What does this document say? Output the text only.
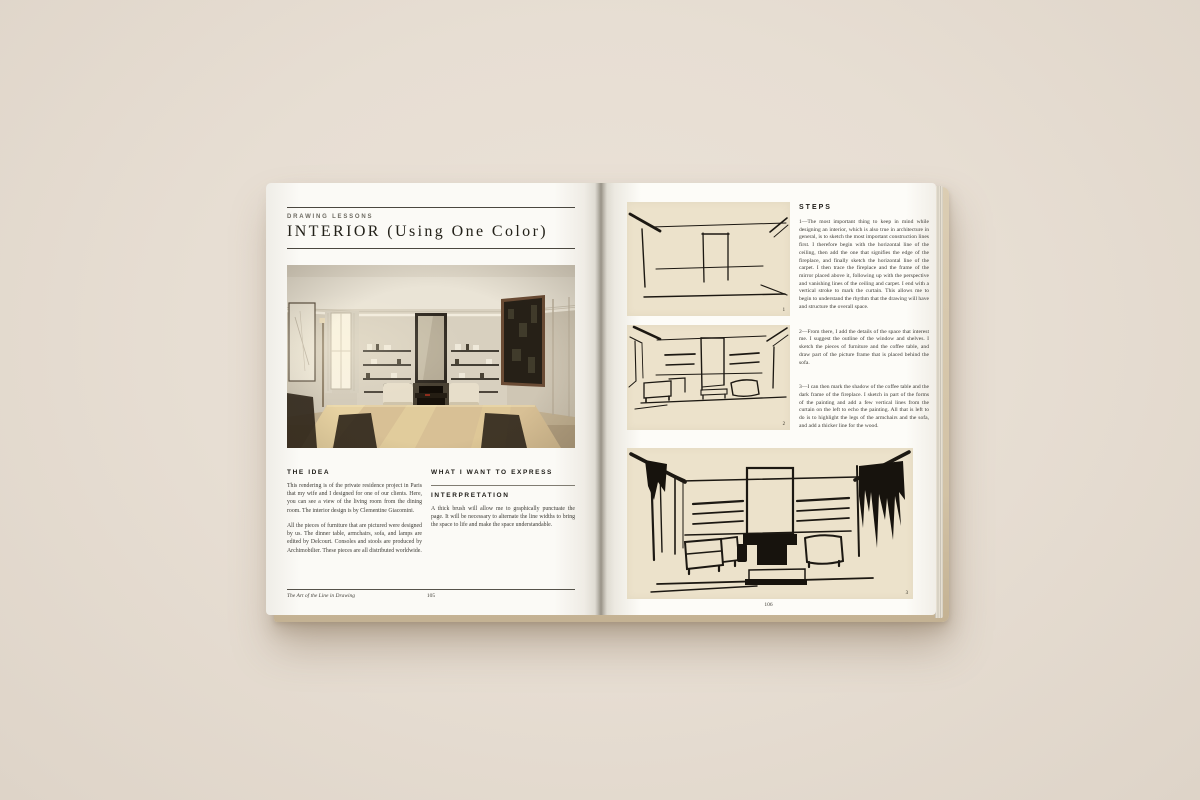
DRAWING LESSONS
INTERIOR (Using One Color)
THE IDEA

This rendering is of the private residence project in Paris that my wife and I designed for one of our clients. Here, you can see a view of the living room from the dining room. The interior design is by Clementine Giacomini.

All the pieces of furniture that are pictured were designed by us. The dinner table, armchairs, sofa, and lamps are edited by Delcourt. Consoles and stools are produced by Archimobilier. These pieces are all distributed worldwide.

WHAT I WANT TO EXPRESS
INTERPRETATION

A thick brush will allow me to graphically punctuate the page. It will be necessary to alternate the line widths to bring the space to life and make the space understandable.

The Art of the Line in Drawing	105
1
2
STEPS

1—The most important thing to keep in mind while designing an interior, which is also true in architecture in general, is to sketch the most important construction lines first. I therefore begin with the horizontal line of the ceiling, then add the one that signifies the edge of the fireplace, and finally sketch the horizontal line of the carpet. I then trace the fireplace and the frame of the mirror placed above it, following up with the perspective and vanishing lines of the ceiling and carpet. I end with a vertical stroke to mark the curtain. This allows me to begin to understand the rhythm that the drawing will have and structure the overall space.

2—From there, I add the details of the space that interest me. I suggest the outline of the window and shelves. I sketch the pieces of furniture and the coffee table, and draw part of the picture frame that is placed behind the sofa.

3—I can then mark the shadow of the coffee table and the dark frame of the fireplace. I sketch in part of the forms of the painting and add a few vertical lines from the curtain on the left to echo the painting. All that is left to do is to highlight the legs of the armchairs and the sofa, and add a thicker line for the wood.

3
106
